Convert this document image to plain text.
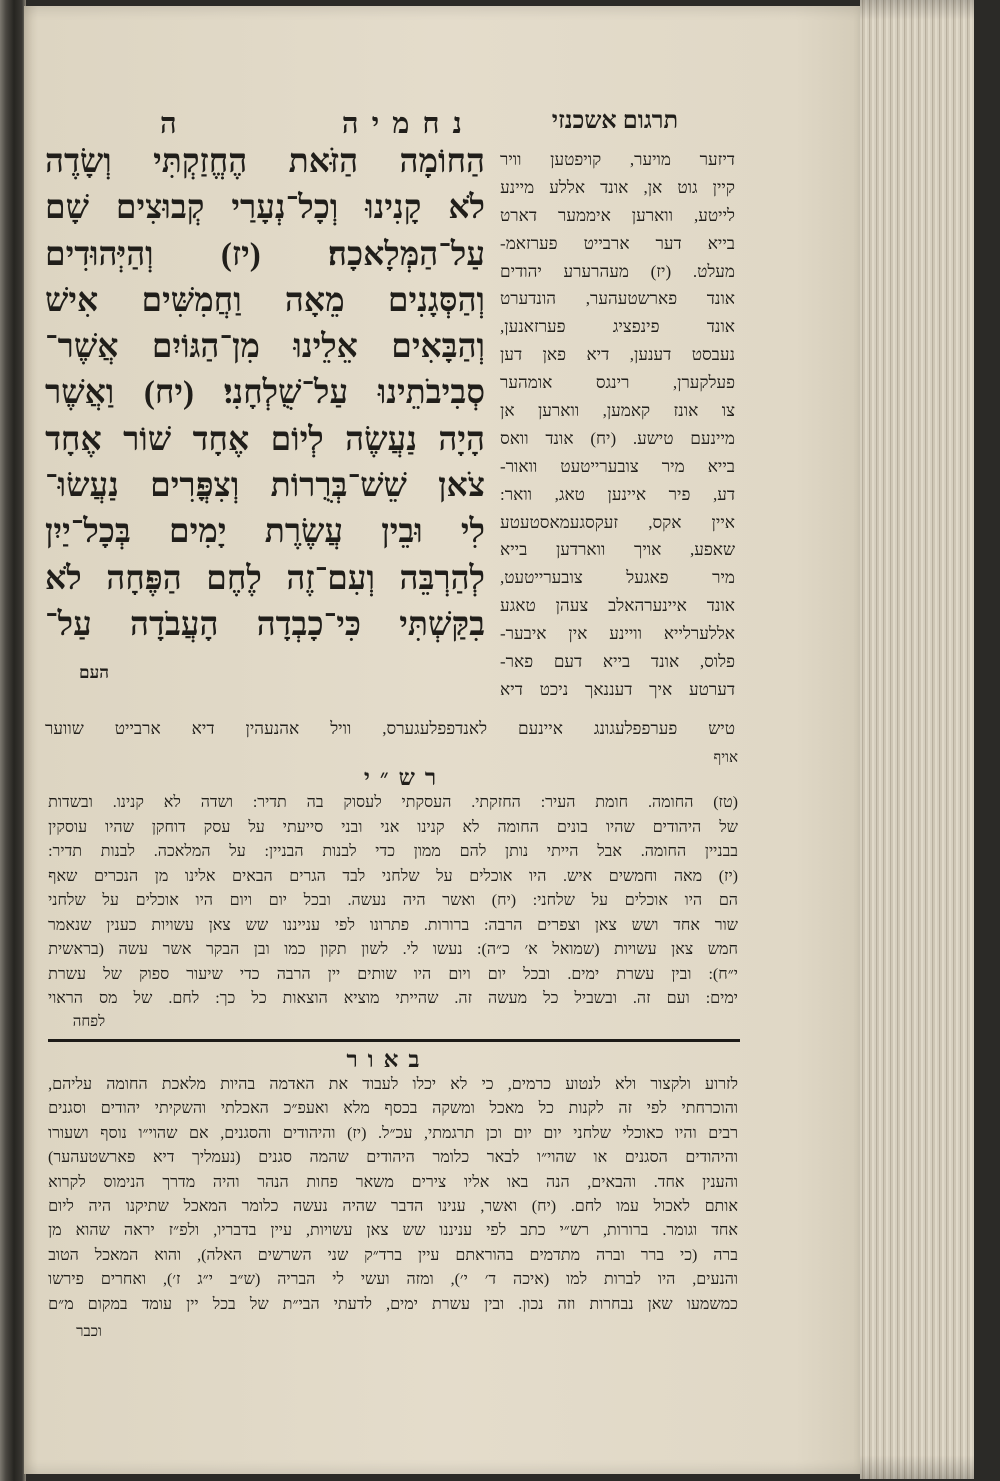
נחמיה
ה	תרגום אשכנזי
הַחוֹמָה
הַזֹּאת
הֶחֱזַקְתִּי
וְשָׂדֶה
לֹא
קָנִינוּ
וְכָל־נְעָרַי
קְבוּצִים
שָׁם
עַל־הַמְּלָאכָה׃
(יז)
וְהַיְּהוּדִים
וְהַסְּגָנִים
מֵאָה
וַחֲמִשִּׁים
אִישׁ
וְהַבָּאִים
אֵלֵינוּ
מִן־הַגּוֹיִם
אֲשֶׁר־
סְבִיבֹתֵינוּ
עַל־שֻׁלְחָנִי׃
(יח)
וַאֲשֶׁר
הָיָה
נַעֲשֶׂה
לְיוֹם
אֶחָד
שׁוֹר
אֶחָד
צֹאן
שֵׁשׁ־בְּרֻרוֹת
וְצִפֳּרִים
נַעֲשׂוּ־
לִי
וּבֵין
עֲשֶׂרֶת
יָמִים
בְּכָל־יַיִן
לְהַרְבֵּה
וְעִם־זֶה
לֶחֶם
הַפֶּחָה
לֹא
בִקַּשְׁתִּי
כִּי־כָבְדָה
הָעֲבֹדָה
עַל־
העם
דיזער
מויער,
קויפטען
וויר
קיין
גוט
אן,
אונד
אללע
מיינע
לייטע,
ווארען
איממער
דארט
בייא
דער
ארבייט
פערזאמ-
מעלט.
(יז)
מעהרערע
יהודים
אונד
פארשטעהער,
הונדערט
אונד
פינפציג
פערזאנען,
נעבסט
דענען,
דיא
פאן
דען
פעלקערן,
רינגס
אומהער
צו
אונז
קאמען,
ווארען
אן
מיינעם
טישע.
(יח)
אונד
וואס
בייא
מיר
צובערייטעט
וואור-
דע,
פיר
איינען
טאג,
וואר:
איין
אקס,
זעקסגעמאסטעטע
שאפע,
אויך
ווארדען
בייא
מיר
פאגעל
צובערייטעט,
אונד
איינערהאלב
צעהן
טאגע
אללערלייא
וויינע
אין
איבער-
פלוס,
אונד
בייא
דעם
פאר-
דערטע
איך
דעננאך
ניכט
דיא
טיש
פערפפלעגונג
איינעם
לאנדפפלעגערס,
וויל
אהנעהין
דיא
ארבייט
שווער
אויף
רש״י
(טז)
החומה.
חומת
העיר:
החזקתי.
העסקתי
לעסוק
בה
תדיר:
ושדה
לא
קנינו.
ובשדות
של
היהודים
שהיו
בונים
החומה
לא
קנינו
אני
ובני
סייעתי
על
עסק
דוחקן
שהיו
עוסקין
בבניין
החומה.
אבל
הייתי
נותן
להם
ממון
כדי
לבנות
הבניין:
על
המלאכה.
לבנות
תדיר:
(יז)
מאה
וחמשים
איש.
היו
אוכלים
על
שלחני
לבד
הגרים
הבאים
אלינו
מן
הנכרים
שאף
הם
היו
אוכלים
על
שלחני:
(יח)
ואשר
היה
נעשה.
ובכל
יום
ויום
היו
אוכלים
על
שלחני
שור
אחד
ושש
צאן
וצפרים
הרבה:
ברורות.
פתרונו
לפי
ענייננו
שש
צאן
עשויות
כענין
שנאמר
חמש
צאן
עשויות
(שמואל
א׳
כ״ה):
נעשו
לי.
לשון
תקון
כמו
ובן
הבקר
אשר
עשה
(בראשית
י״ח):
ובין
עשרת
ימים.
ובכל
יום
ויום
היו
שותים
יין
הרבה
כדי
שיעור
ספוק
של
עשרת
ימים:
ועם
זה.
ובשביל
כל
מעשה
זה.
שהייתי
מוציא
הוצאות
כל
כך:
לחם.
של
מס
הראוי
לפחה
באור
לזרוע
ולקצור
ולא
לנטוע
כרמים,
כי
לא
יכלו
לעבוד
את
האדמה
בהיות
מלאכת
החומה
עליהם,
והוכרחתי
לפי
זה
לקנות
כל
מאכל
ומשקה
בכסף
מלא
ואעפ״כ
האכלתי
והשקיתי
יהודים
וסגנים
רבים
והיו
כאוכלי
שלחני
יום
יום
וכן
תרגמתי,
עכ״ל.
(יז)
והיהודים
והסגנים,
אם
שהוי״ו
נוסף
ושעורו
והיהודים
הסגנים
או
שהוי״ו
לבאר
כלומר
היהודים
שהמה
סגנים
(נעמליך
דיא
פארשטעהער)
והענין
אחד.
והבאים,
הנה
באו
אליו
צירים
משאר
פחות
הנהר
והיה
מדרך
הנימוס
לקרוא
אותם
לאכול
עמו
לחם.
(יח)
ואשר,
ענינו
הדבר
שהיה
נעשה
כלומר
המאכל
שתיקנו
היה
ליום
אחד
וגומר.
ברורות,
רש״י
כתב
לפי
עניננו
שש
צאן
עשויות,
עיין
בדבריו,
ולפ״ז
יראה
שהוא
מן
ברה
(כי
ברר
וברה
מתדמים
בהוראתם
עיין
ברד״ק
שני
השרשים
האלה),
והוא
המאכל
הטוב
והנעים,
היו
לברות
למו
(איכה
ד׳
י׳),
ומזה
ועשי
לי
הבריה
(ש״ב
י״ג
ז׳),
ואחרים
פירשו
כמשמעו
שאן
נבחרות
וזה
נכון.
ובין
עשרת
ימים,
לדעתי
הבי״ת
של
בכל
יין
עומד
במקום
מ״ם
וכבר
